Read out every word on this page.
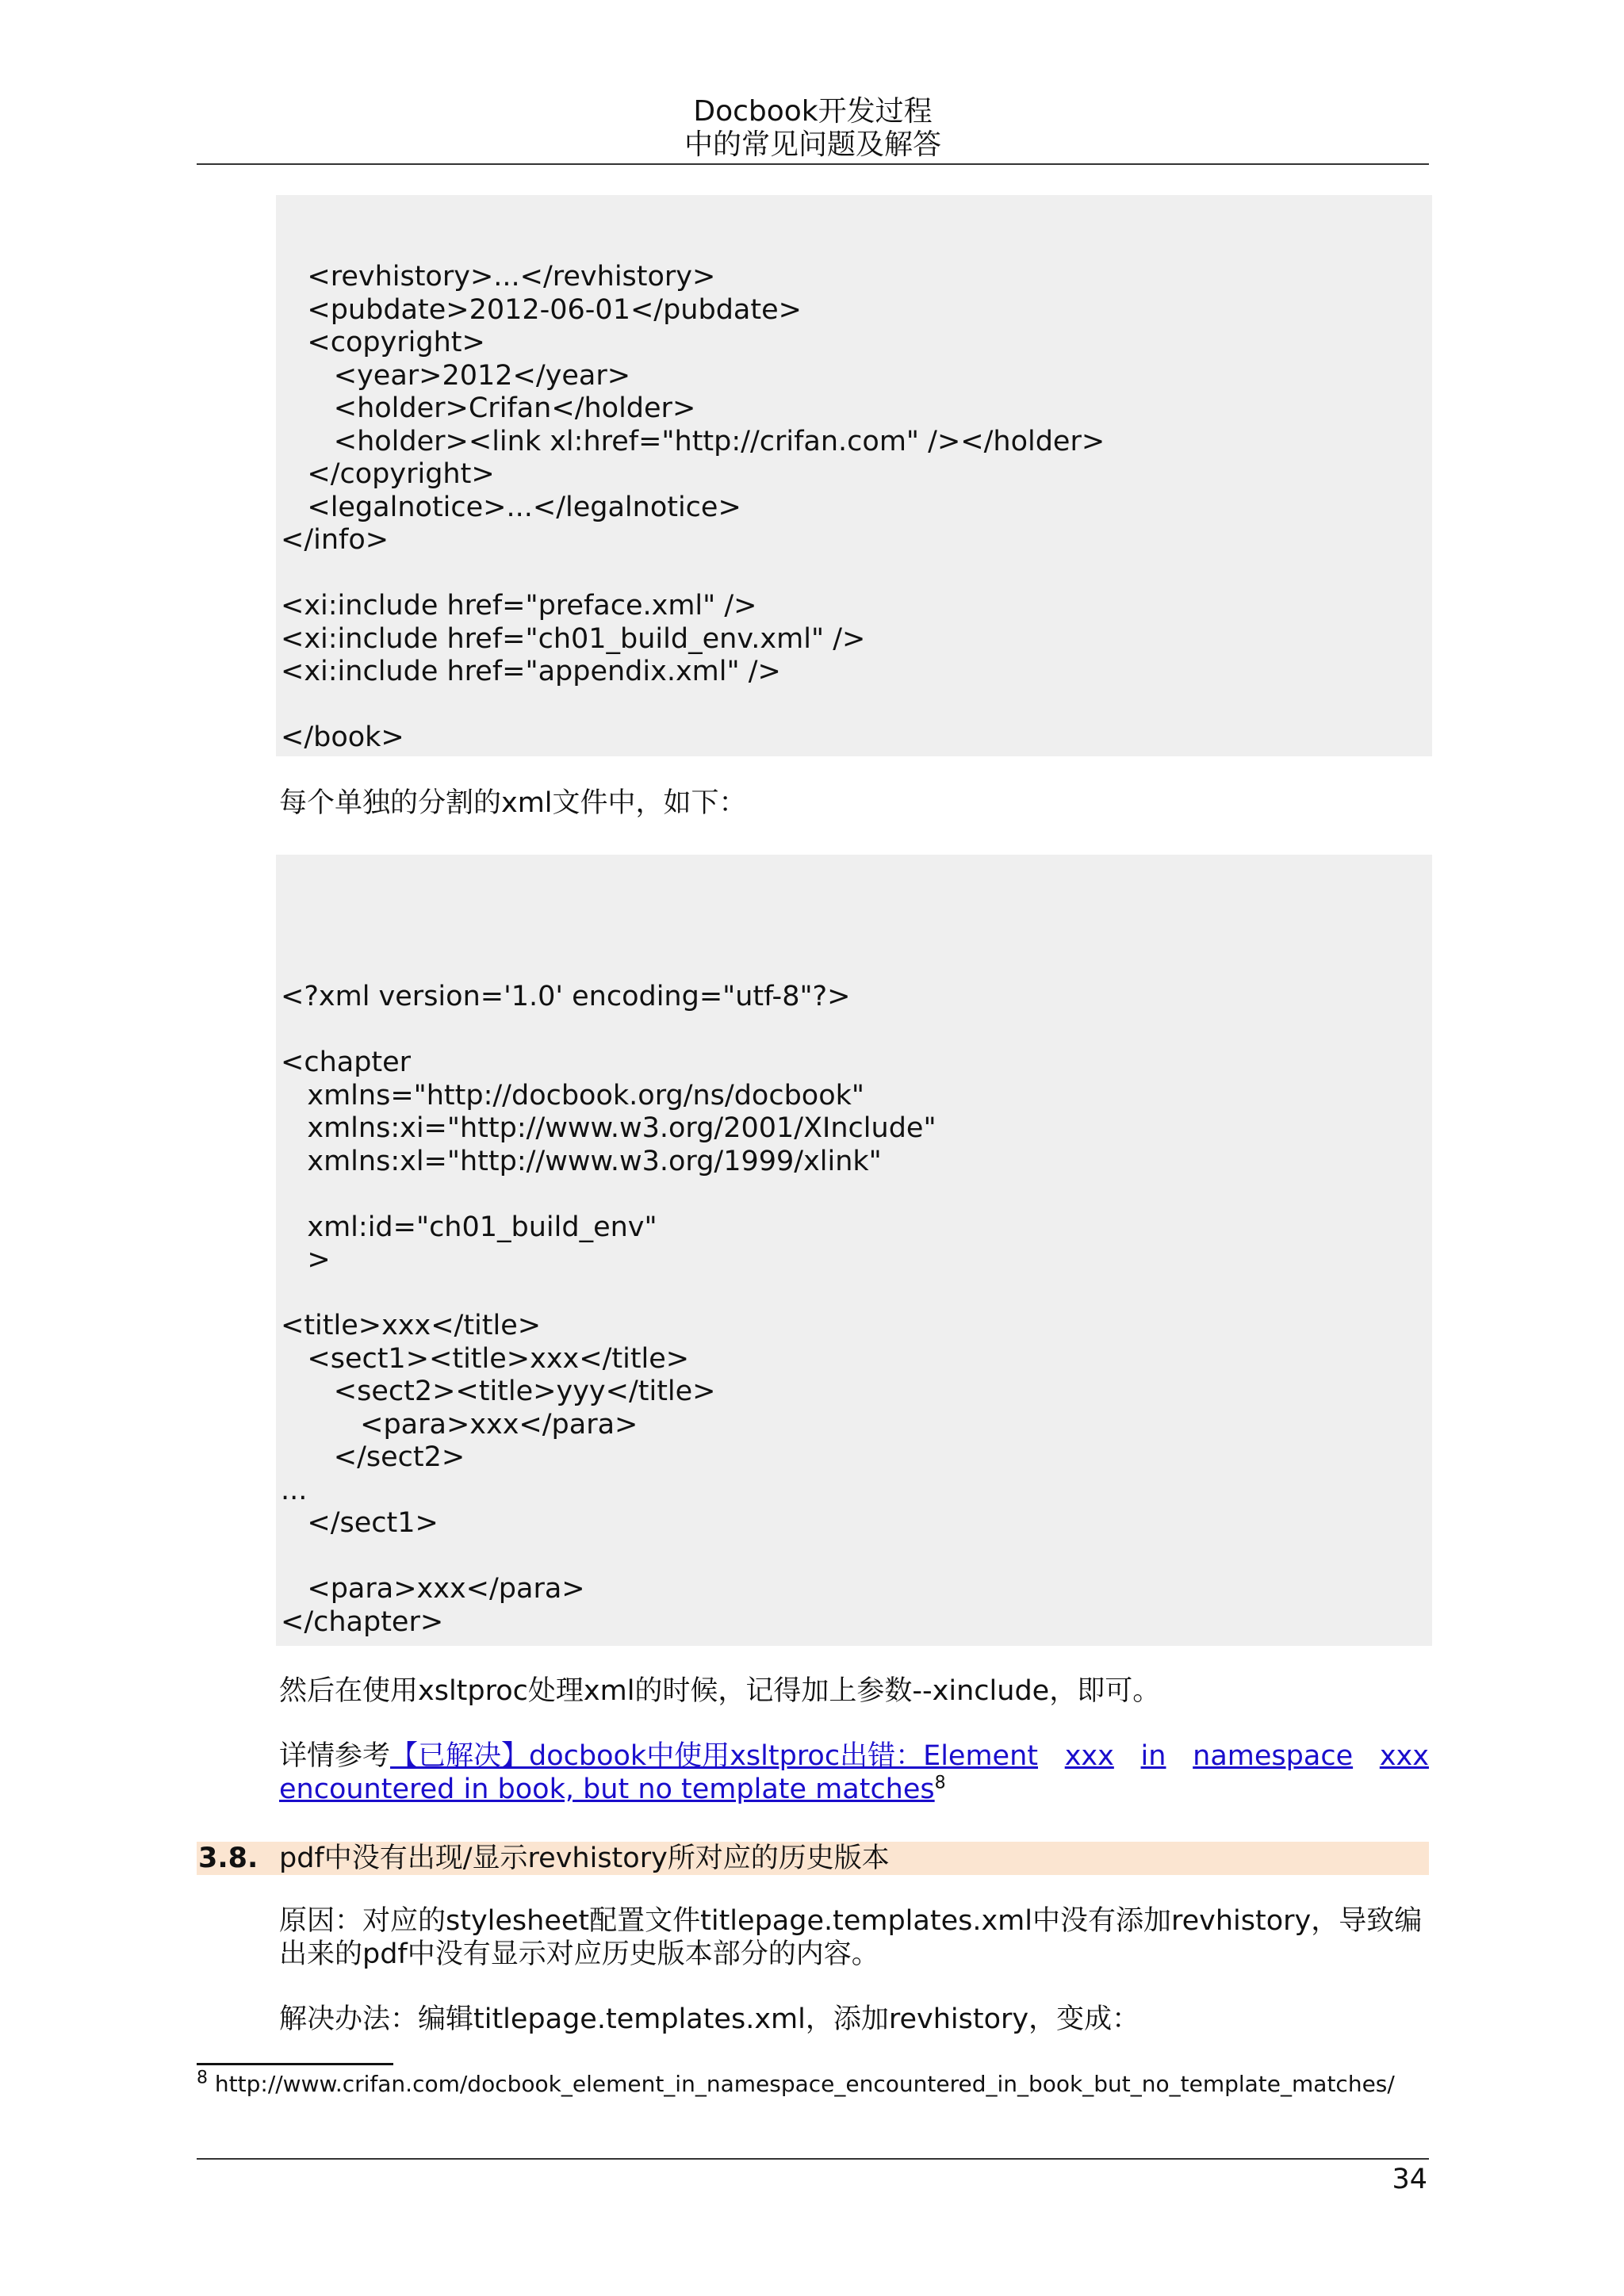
Docbook开发过程
中的常见问题及解答

<revhistory>...</revhistory>
<pubdate>2012-06-01</pubdate>
<copyright>
<year>2012</year>
<holder>Crifan</holder>
<holder><link xl:href="http://crifan.com" /></holder>
</copyright>
<legalnotice>...</legalnotice>
</info>

<xi:include href="preface.xml" />
<xi:include href="ch01_build_env.xml" />
<xi:include href="appendix.xml" />

</book>

每个单独的分割的xml文件中，如下：

<?xml version='1.0' encoding="utf-8"?>

<chapter
xmlns="http://docbook.org/ns/docbook"
xmlns:xi="http://www.w3.org/2001/XInclude"
xmlns:xl="http://www.w3.org/1999/xlink"

xml:id="ch01_build_env"
>

<title>xxx</title>
<sect1><title>xxx</title>
<sect2><title>yyy</title>
<para>xxx</para>
</sect2>
...
</sect1>

<para>xxx</para>
</chapter>

然后在使用xsltproc处理xml的时候，记得加上参数--xinclude，即可。
详情参考【已解决】docbook中使用xsltproc出错：Element xxx in namespace xxx
encountered in book, but no template matches$^8$
3.8. pdf中没有出现/显示revhistory所对应的历史版本
原因：对应的stylesheet配置文件titlepage.templates.xml中没有添加revhistory，导致编出来的pdf中没有显示对应历史版本部分的内容。
解决办法：编辑titlepage.templates.xml，添加revhistory，变成：
$^8$ http://www.crifan.com/docbook_element_in_namespace_encountered_in_book_but_no_template_matches/
34
